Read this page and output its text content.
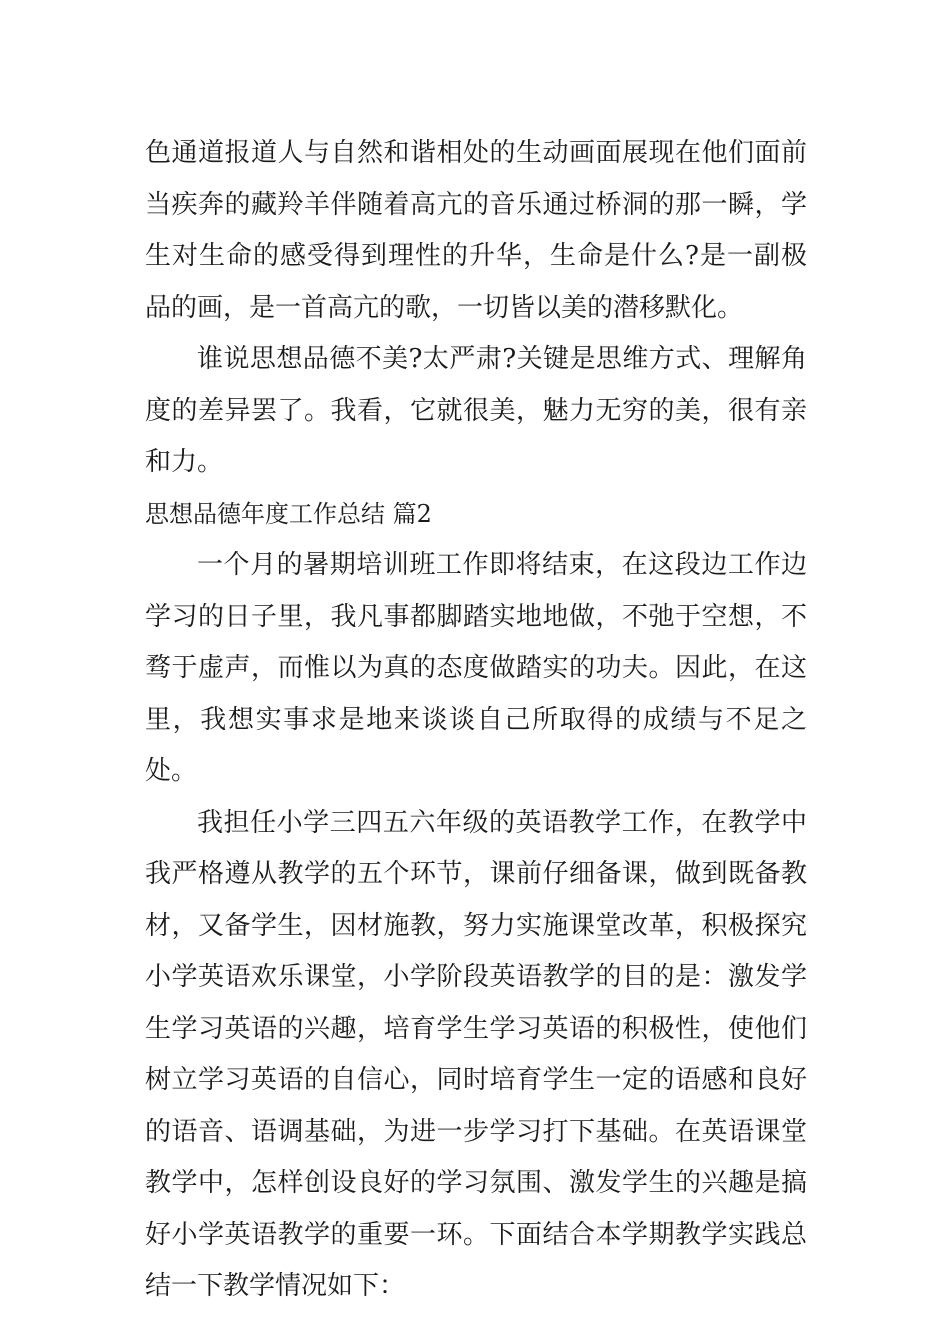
色通道报道人与自然和谐相处的生动画面展现在他们面前当疾奔的藏羚羊伴随着高亢的音乐通过桥洞的那一瞬，学生对生命的感受得到理性的升华，生命是什么?是一副极品的画，是一首高亢的歌，一切皆以美的潜移默化。

谁说思想品德不美?太严肃?关键是思维方式、理解角度的差异罢了。我看，它就很美，魅力无穷的美，很有亲和力。

思想品德年度工作总结 篇2

一个月的暑期培训班工作即将结束，在这段边工作边学习的日子里，我凡事都脚踏实地地做，不弛于空想，不骛于虚声，而惟以为真的态度做踏实的功夫。因此，在这里，我想实事求是地来谈谈自己所取得的成绩与不足之处。

我担任小学三四五六年级的英语教学工作，在教学中我严格遵从教学的五个环节，课前仔细备课，做到既备教材，又备学生，因材施教，努力实施课堂改革，积极探究小学英语欢乐课堂，小学阶段英语教学的目的是：激发学生学习英语的兴趣，培育学生学习英语的积极性，使他们树立学习英语的自信心，同时培育学生一定的语感和良好的语音、语调基础，为进一步学习打下基础。在英语课堂教学中，怎样创设良好的学习氛围、激发学生的兴趣是搞好小学英语教学的重要一环。下面结合本学期教学实践总结一下教学情况如下：
